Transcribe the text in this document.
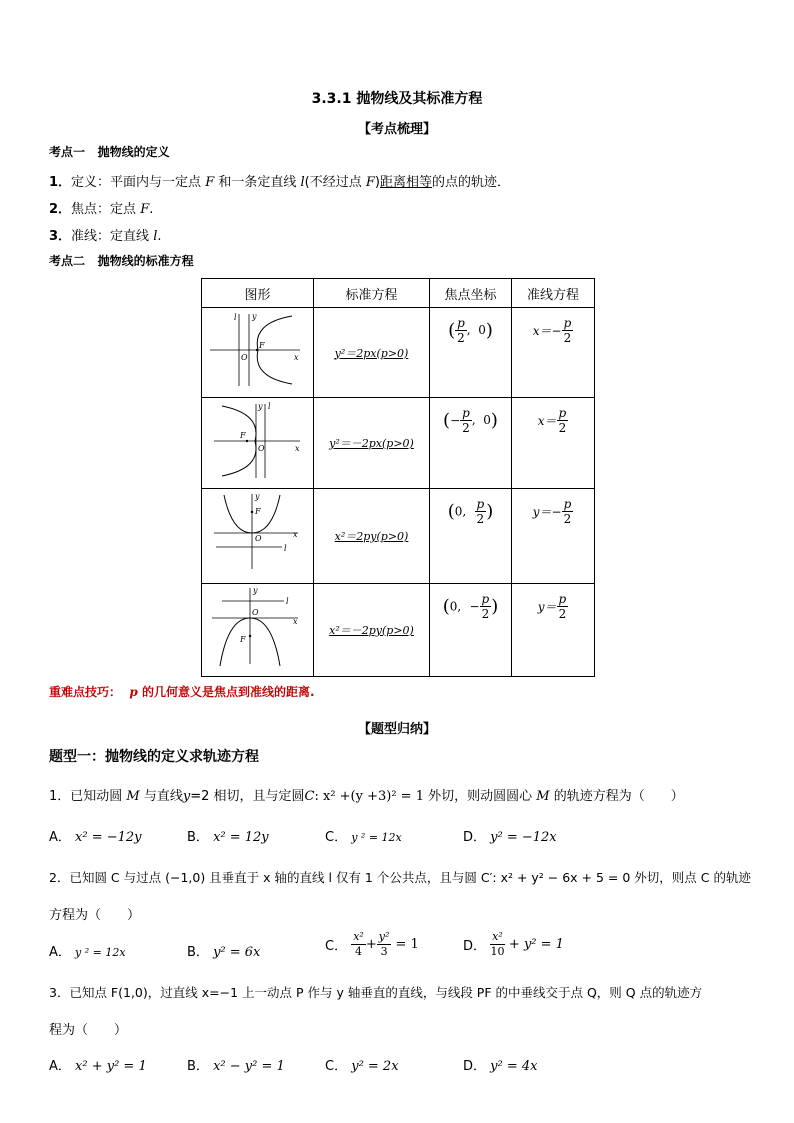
3.3.1 抛物线及其标准方程
【考点梳理】
考点一 抛物线的定义
1．定义：平面内与一定点 F 和一条定直线 l(不经过点 F)距离相等的点的轨迹．
2．焦点：定点 F.
3．准线：定直线 l.
考点二 抛物线的标准方程
图形	标准方程	焦点坐标	准线方程

x
y
l
O
F	y²＝2px(p>0)	( $\frac{p}{2}$ ,  0)	$x=- \frac{p}{2}$

x
y l
O
F	y²＝－2px(p>0)	(− $\frac{p}{2}$ ,  0)	$x= \frac{p}{2}$

x
y
F
O
l	x²＝2py(p>0)	(0, $\frac{p}{2}$ )	$y=- \frac{p}{2}$

x
y
l
O
F	x²＝－2py(p>0)	(0, − $\frac{p}{2}$ )	$y= \frac{p}{2}$
重难点技巧： p 的几何意义是焦点到准线的距离.
【题型归纳】
题型一：抛物线的定义求轨迹方程
1．已知动圆 M 与直线y=2 相切，且与定圆C: x² +(y +3)² = 1 外切，则动圆圆心 M 的轨迹方程为（　　）
A． x² = −12y	B． x² = 12y	C． y ² = 12x	D． y² = −12x
2．已知圆 C 与过点 (−1,0) 且垂直于 x 轴的直线 l 仅有 1 个公共点，且与圆 C′: x² + y² − 6x + 5 = 0 外切，则点 C 的轨迹
方程为（　　）
A． y ² = 12x	B． y² = 6x	C． $\frac{\text{x²}}{4} + \frac{\text{y²}}{3} = 1$	D． $\frac{\text{x²}}{10} + y^2 = 1$
3．已知点 F(1,0)，过直线 x=−1 上一动点 P 作与 y 轴垂直的直线，与线段 PF 的中垂线交于点 Q，则 Q 点的轨迹方
程为（　　）
A． x² + y² = 1	B． x² − y² = 1	C． y² = 2x	D． y² = 4x
